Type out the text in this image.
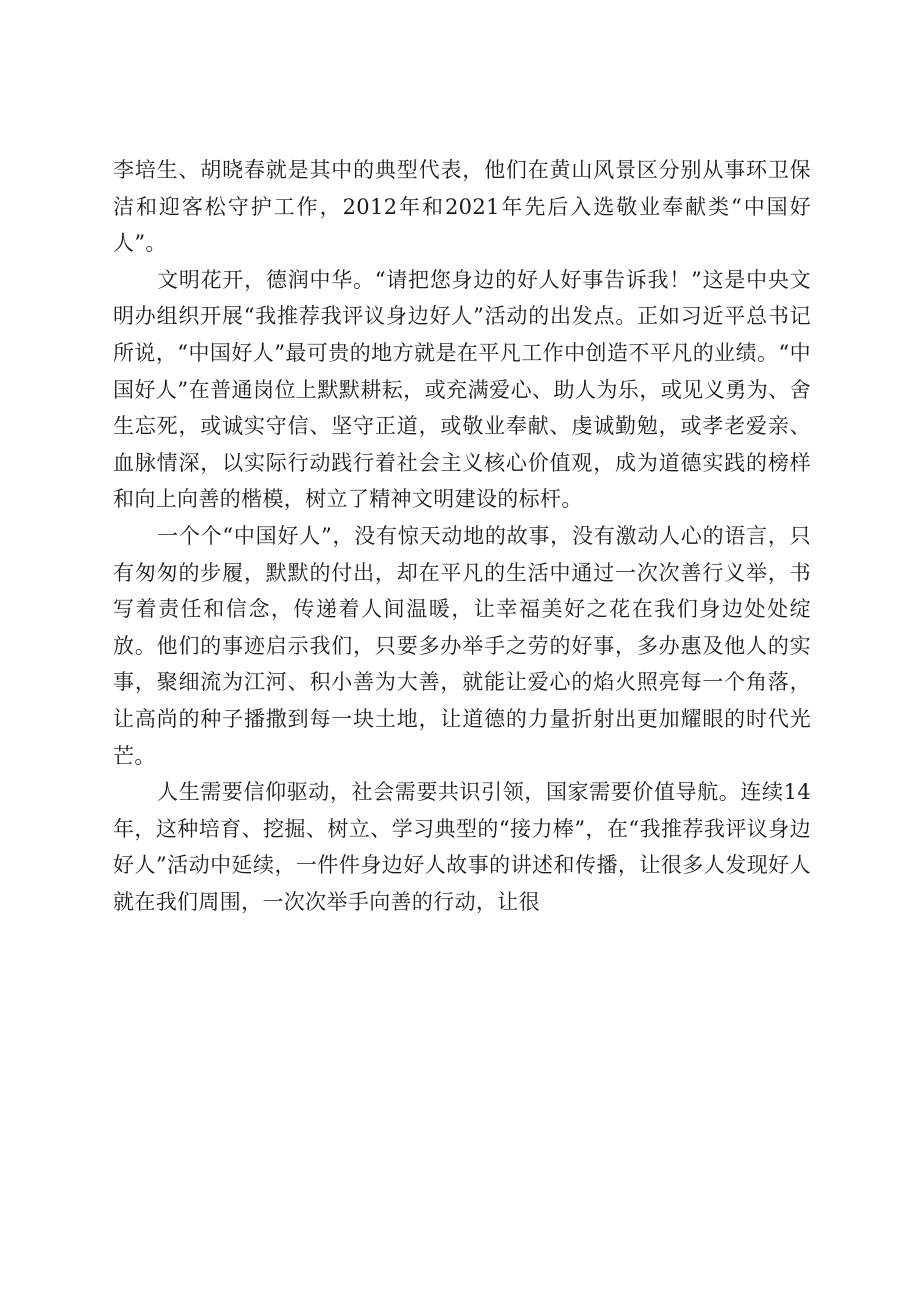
李培生、胡晓春就是其中的典型代表，他们在黄山风景区分别从事环卫保洁和迎客松守护工作，2012年和2021年先后入选敬业奉献类“中国好人”。

文明花开，德润中华。“请把您身边的好人好事告诉我！”这是中央文明办组织开展“我推荐我评议身边好人”活动的出发点。正如习近平总书记所说，“中国好人”最可贵的地方就是在平凡工作中创造不平凡的业绩。“中国好人”在普通岗位上默默耕耘，或充满爱心、助人为乐，或见义勇为、舍生忘死，或诚实守信、坚守正道，或敬业奉献、虔诚勤勉，或孝老爱亲、血脉情深，以实际行动践行着社会主义核心价值观，成为道德实践的榜样和向上向善的楷模，树立了精神文明建设的标杆。

一个个“中国好人”，没有惊天动地的故事，没有激动人心的语言，只有匆匆的步履，默默的付出，却在平凡的生活中通过一次次善行义举，书写着责任和信念，传递着人间温暖，让幸福美好之花在我们身边处处绽放。他们的事迹启示我们，只要多办举手之劳的好事，多办惠及他人的实事，聚细流为江河、积小善为大善，就能让爱心的焰火照亮每一个角落，让高尚的种子播撒到每一块土地，让道德的力量折射出更加耀眼的时代光芒。

人生需要信仰驱动，社会需要共识引领，国家需要价值导航。连续14年，这种培育、挖掘、树立、学习典型的“接力棒”，在“我推荐我评议身边好人”活动中延续，一件件身边好人故事的讲述和传播，让很多人发现好人就在我们周围，一次次举手向善的行动，让很
